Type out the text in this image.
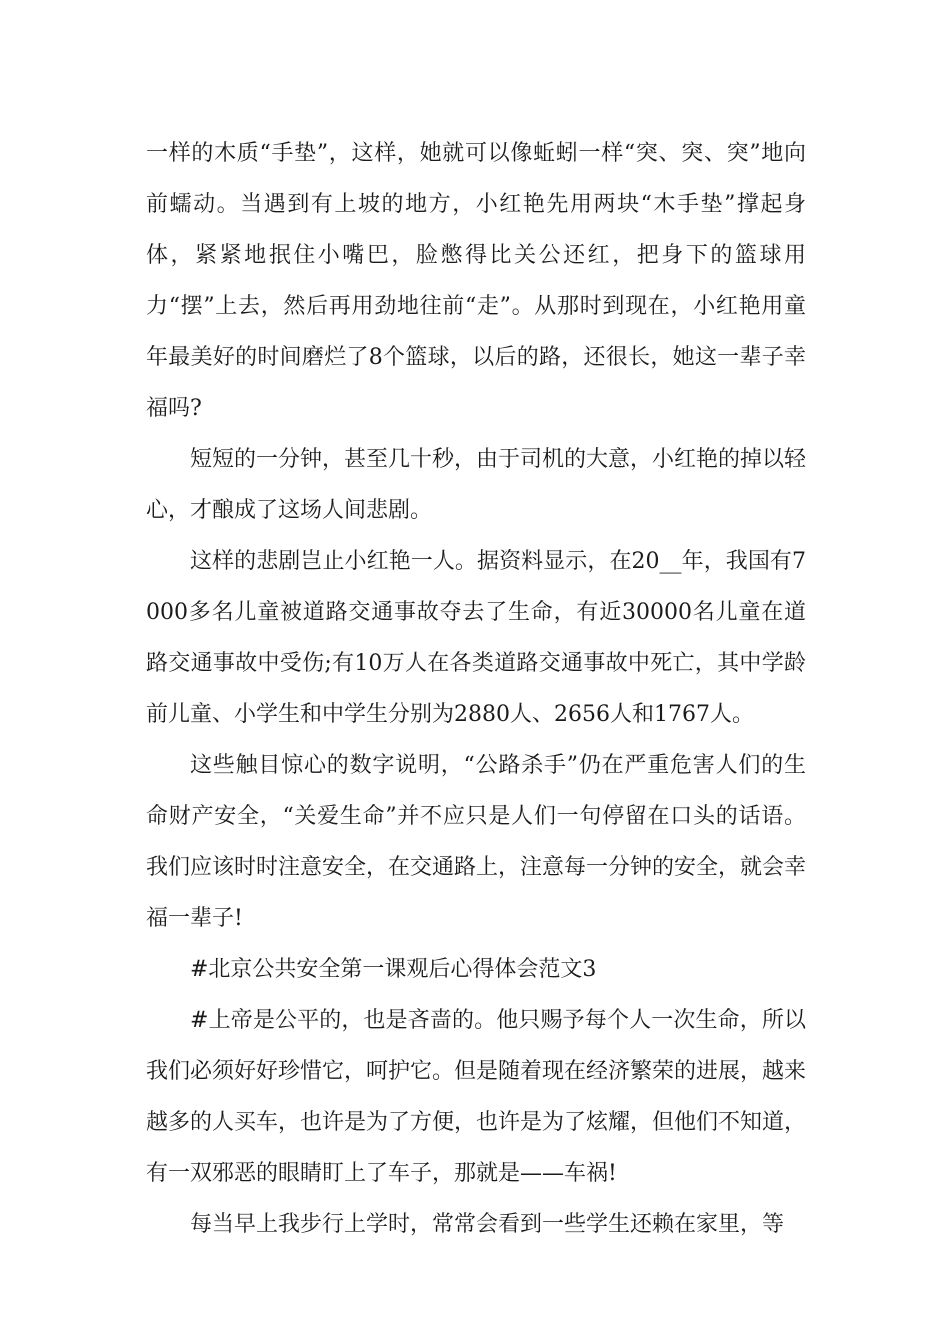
一样的木质“手垫”，这样，她就可以像蚯蚓一样“突、突、突”地向前蠕动。当遇到有上坡的地方，小红艳先用两块“木手垫”撑起身体，紧紧地抿住小嘴巴，脸憋得比关公还红，把身下的篮球用力“摆”上去，然后再用劲地往前“走”。从那时到现在，小红艳用童年最美好的时间磨烂了8个篮球，以后的路，还很长，她这一辈子幸福吗?

短短的一分钟，甚至几十秒，由于司机的大意，小红艳的掉以轻心，才酿成了这场人间悲剧。

这样的悲剧岂止小红艳一人。据资料显示，在20__年，我国有7000多名儿童被道路交通事故夺去了生命，有近30000名儿童在道路交通事故中受伤;有10万人在各类道路交通事故中死亡，其中学龄前儿童、小学生和中学生分别为2880人、2656人和1767人。

这些触目惊心的数字说明，“公路杀手”仍在严重危害人们的生命财产安全，“关爱生命”并不应只是人们一句停留在口头的话语。我们应该时时注意安全，在交通路上，注意每一分钟的安全，就会幸福一辈子!

#北京公共安全第一课观后心得体会范文3

#上帝是公平的，也是吝啬的。他只赐予每个人一次生命，所以我们必须好好珍惜它，呵护它。但是随着现在经济繁荣的进展，越来越多的人买车，也许是为了方便，也许是为了炫耀，但他们不知道，有一双邪恶的眼睛盯上了车子，那就是——车祸!

每当早上我步行上学时，常常会看到一些学生还赖在家里，等
